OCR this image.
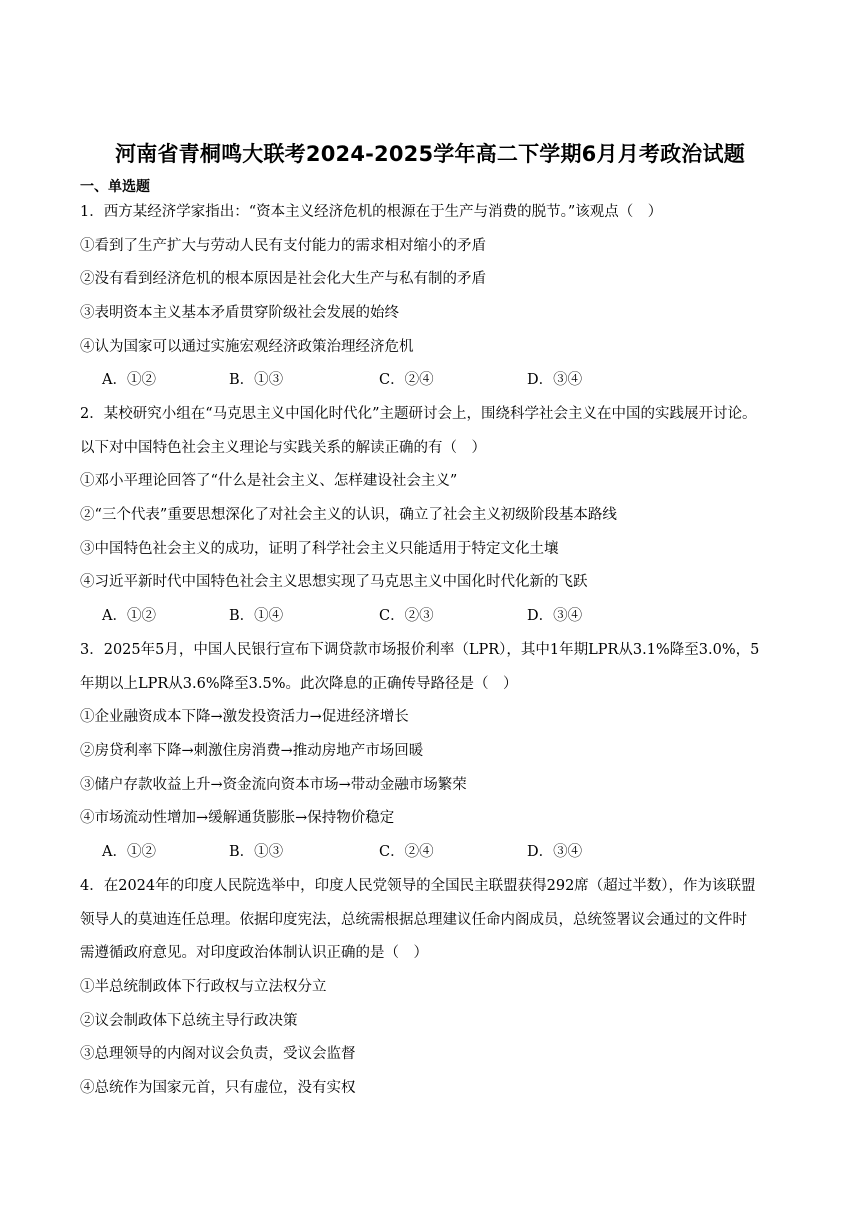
河南省青桐鸣大联考2024-2025学年高二下学期6月月考政治试题
一、单选题
1．西方某经济学家指出：“资本主义经济危机的根源在于生产与消费的脱节。”该观点（　）
①看到了生产扩大与劳动人民有支付能力的需求相对缩小的矛盾
②没有看到经济危机的根本原因是社会化大生产与私有制的矛盾
③表明资本主义基本矛盾贯穿阶级社会发展的始终
④认为国家可以通过实施宏观经济政策治理经济危机
A．①②	B．①③	C．②④	D．③④
2．某校研究小组在“马克思主义中国化时代化”主题研讨会上，围绕科学社会主义在中国的实践展开讨论。
以下对中国特色社会主义理论与实践关系的解读正确的有（　）
①邓小平理论回答了“什么是社会主义、怎样建设社会主义”
②“三个代表”重要思想深化了对社会主义的认识，确立了社会主义初级阶段基本路线
③中国特色社会主义的成功，证明了科学社会主义只能适用于特定文化土壤
④习近平新时代中国特色社会主义思想实现了马克思主义中国化时代化新的飞跃
A．①②	B．①④	C．②③	D．③④
3．2025年5月，中国人民银行宣布下调贷款市场报价利率（LPR），其中1年期LPR从3.1%降至3.0%，5
年期以上LPR从3.6%降至3.5%。此次降息的正确传导路径是（　）
①企业融资成本下降→激发投资活力→促进经济增长
②房贷利率下降→刺激住房消费→推动房地产市场回暖
③储户存款收益上升→资金流向资本市场→带动金融市场繁荣
④市场流动性增加→缓解通货膨胀→保持物价稳定
A．①②	B．①③	C．②④	D．③④
4．在2024年的印度人民院选举中，印度人民党领导的全国民主联盟获得292席（超过半数），作为该联盟
领导人的莫迪连任总理。依据印度宪法，总统需根据总理建议任命内阁成员，总统签署议会通过的文件时
需遵循政府意见。对印度政治体制认识正确的是（　）
①半总统制政体下行政权与立法权分立
②议会制政体下总统主导行政决策
③总理领导的内阁对议会负责，受议会监督
④总统作为国家元首，只有虚位，没有实权
